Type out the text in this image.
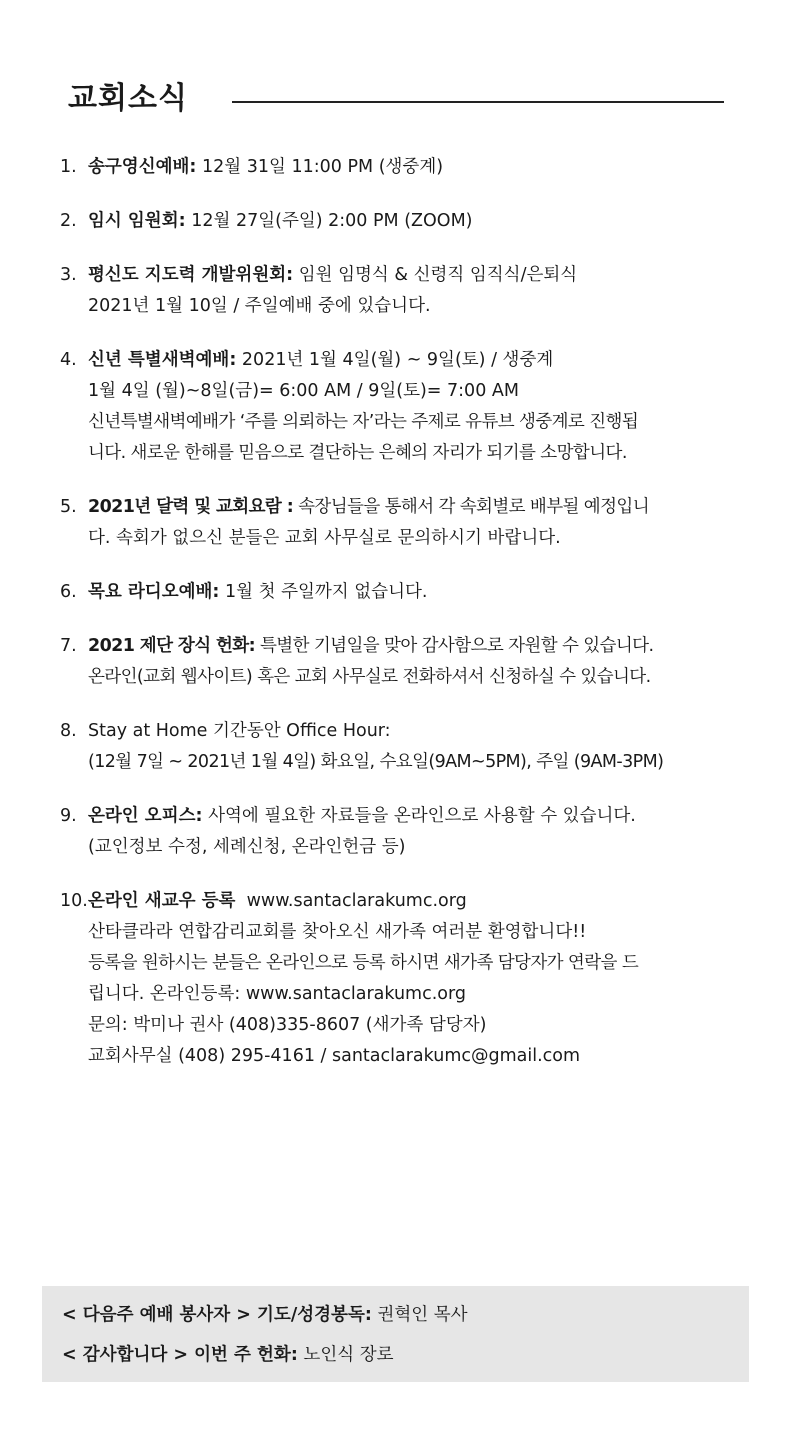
교회소식
1. 송구영신예배: 12월 31일 11:00 PM (생중계)
2. 임시 임원회: 12월 27일(주일) 2:00 PM (ZOOM)
3. 평신도 지도력 개발위원회: 임원 임명식 & 신령직 임직식/은퇴식
2021년 1월 10일 / 주일예배 중에 있습니다.
4. 신년 특별새벽예배: 2021년 1월 4일(월) ~ 9일(토) / 생중계
1월 4일 (월)~8일(금)= 6:00 AM / 9일(토)= 7:00 AM
신년특별새벽예배가 ‘주를 의뢰하는 자’라는 주제로 유튜브 생중계로 진행됩
니다. 새로운 한해를 믿음으로 결단하는 은혜의 자리가 되기를 소망합니다.
5. 2021년 달력 및 교회요람 : 속장님들을 통해서 각 속회별로 배부될 예정입니
다. 속회가 없으신 분들은 교회 사무실로 문의하시기 바랍니다.
6. 목요 라디오예배: 1월 첫 주일까지 없습니다.
7. 2021 제단 장식 헌화: 특별한 기념일을 맞아 감사함으로 자원할 수 있습니다.
온라인(교회 웹사이트) 혹은 교회 사무실로 전화하셔서 신청하실 수 있습니다.
8. Stay at Home 기간동안 Office Hour:
(12월 7일 ~ 2021년 1월 4일) 화요일, 수요일(9AM~5PM), 주일 (9AM-3PM)
9. 온라인 오피스: 사역에 필요한 자료들을 온라인으로 사용할 수 있습니다.
(교인정보 수정, 세례신청, 온라인헌금 등)
10. 온라인 새교우 등록  www.santaclarakumc.org
산타클라라 연합감리교회를 찾아오신 새가족 여러분 환영합니다!!
등록을 원하시는 분들은 온라인으로 등록 하시면 새가족 담당자가 연락을 드
립니다. 온라인등록: www.santaclarakumc.org
문의: 박미나 권사 (408)335-8607 (새가족 담당자)
교회사무실 (408) 295-4161 / santaclarakumc@gmail.com
< 다음주 예배 봉사자 > 기도/성경봉독: 권혁인 목사
< 감사합니다 > 이번 주 헌화: 노인식 장로
